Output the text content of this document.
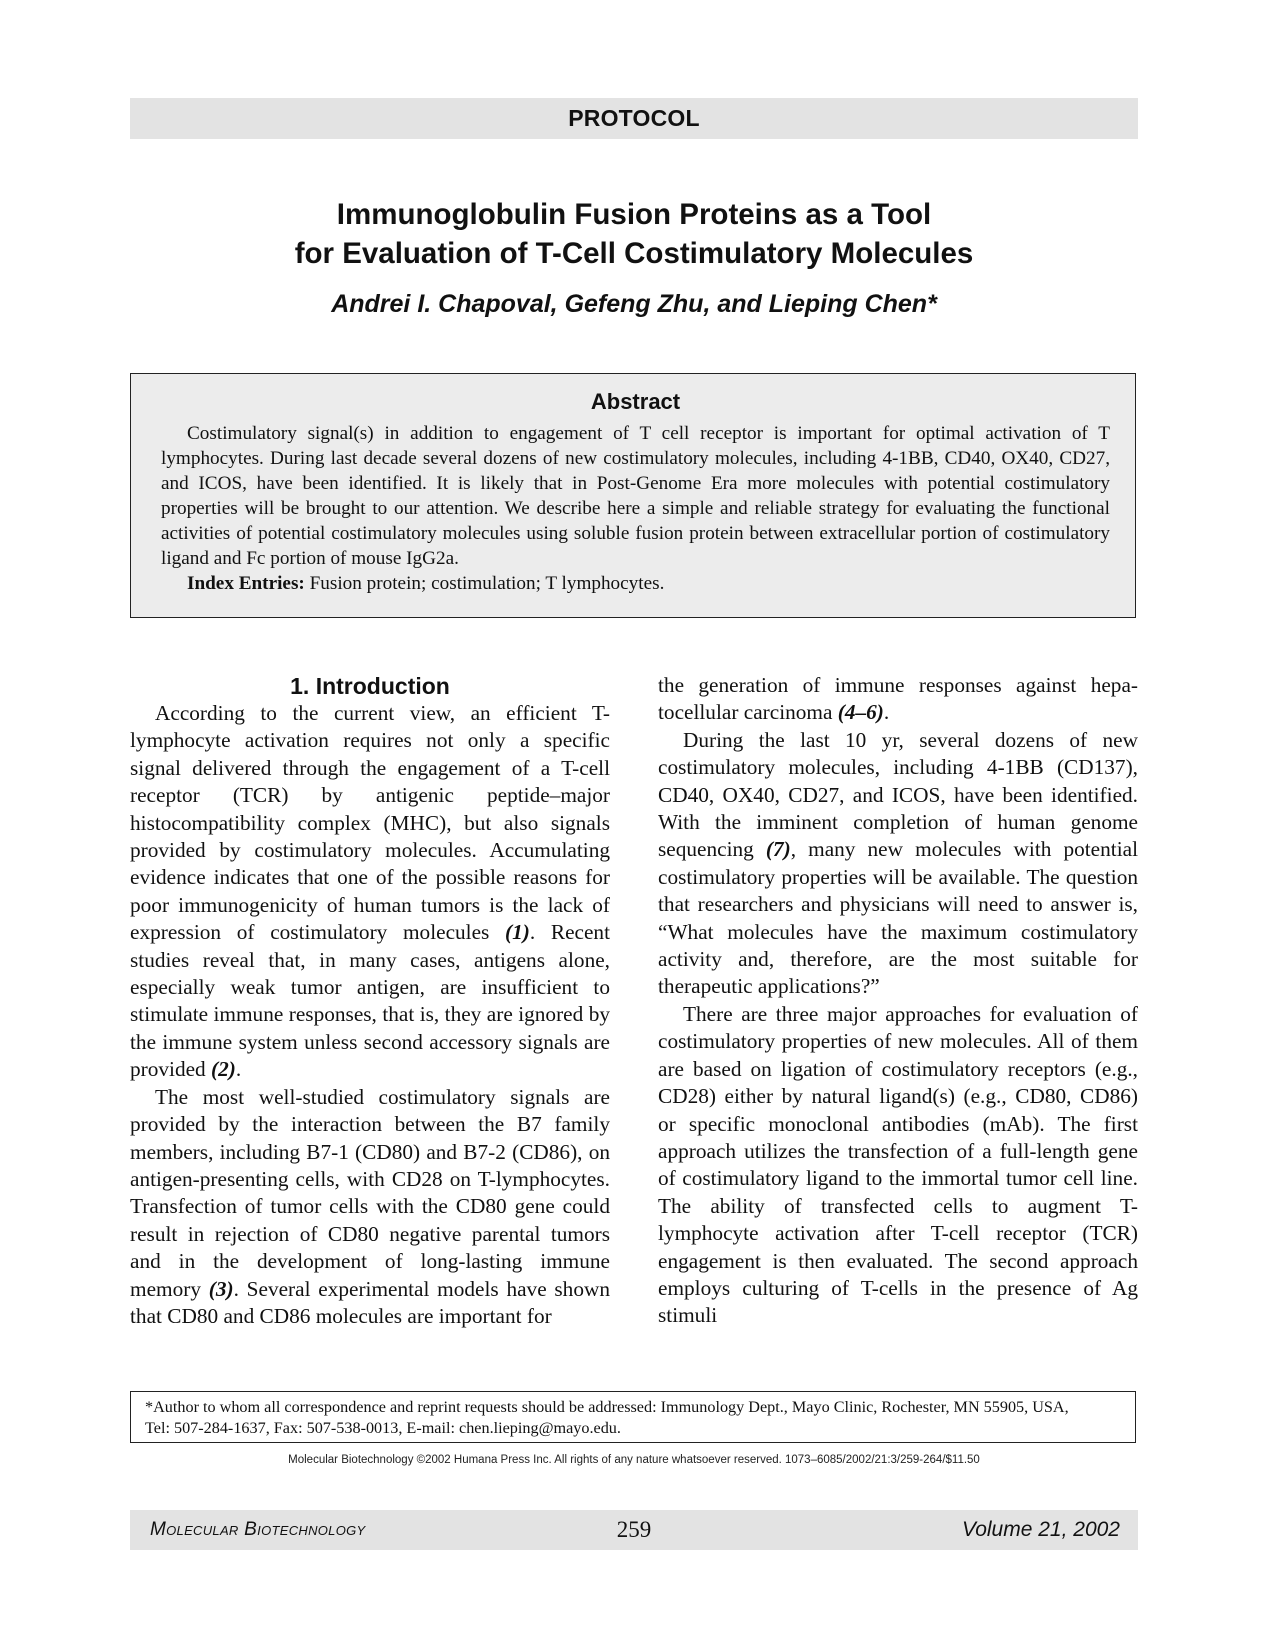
PROTOCOL
Immunoglobulin Fusion Proteins as a Tool
for Evaluation of T-Cell Costimulatory Molecules
Andrei I. Chapoval, Gefeng Zhu, and Lieping Chen*
Abstract

Costimulatory signal(s) in addition to engagement of T cell receptor is important for optimal activation of T lymphocytes. During last decade several dozens of new costimulatory molecules, including 4-1BB, CD40, OX40, CD27, and ICOS, have been identified. It is likely that in Post-Genome Era more molecules with potential costimulatory properties will be brought to our attention. We describe here a simple and reliable strategy for evaluating the functional activities of potential costimulatory molecules using soluble fusion protein between extracellular portion of costimulatory ligand and Fc portion of mouse IgG2a.

Index Entries: Fusion protein; costimulation; T lymphocytes.

1. Introduction

According to the current view, an efficient T-lymphocyte activation requires not only a specific signal delivered through the engagement of a T-cell receptor (TCR) by antigenic peptide–major histocompatibility complex (MHC), but also signals provided by costimulatory molecules. Accumulating evidence indicates that one of the possible reasons for poor immunogenicity of human tumors is the lack of expression of costimulatory molecules (1). Recent studies reveal that, in many cases, antigens alone, especially weak tumor antigen, are insufficient to stimulate immune responses, that is, they are ignored by the immune system unless second accessory signals are provided (2).

The most well-studied costimulatory signals are provided by the interaction between the B7 family members, including B7-1 (CD80) and B7-2 (CD86), on antigen-presenting cells, with CD28 on T-lymphocytes. Transfection of tumor cells with the CD80 gene could result in rejection of CD80 negative parental tumors and in the development of long-lasting immune memory (3). Several experimental models have shown that CD80 and CD86 molecules are important for

the generation of immune responses against hepatocellular carcinoma (4–6).

During the last 10 yr, several dozens of new costimulatory molecules, including 4-1BB (CD137), CD40, OX40, CD27, and ICOS, have been identified. With the imminent completion of human genome sequencing (7), many new molecules with potential costimulatory properties will be available. The question that researchers and physicians will need to answer is, “What molecules have the maximum costimulatory activity and, therefore, are the most suitable for therapeutic applications?”

There are three major approaches for evaluation of costimulatory properties of new molecules. All of them are based on ligation of costimulatory receptors (e.g., CD28) either by natural ligand(s) (e.g., CD80, CD86) or specific monoclonal antibodies (mAb). The first approach utilizes the transfection of a full-length gene of costimulatory ligand to the immortal tumor cell line. The ability of transfected cells to augment T-lymphocyte activation after T-cell receptor (TCR) engagement is then evaluated. The second approach employs culturing of T-cells in the presence of Ag stimuli

*Author to whom all correspondence and reprint requests should be addressed: Immunology Dept., Mayo Clinic, Rochester, MN 55905, USA,
Tel: 507-284-1637, Fax: 507-538-0013, E-mail: chen.lieping@mayo.edu.
Molecular Biotechnology ©2002 Humana Press Inc. All rights of any nature whatsoever reserved. 1073–6085/2002/21:3/259-264/$11.50
Molecular Biotechnology	259	Volume 21, 2002
